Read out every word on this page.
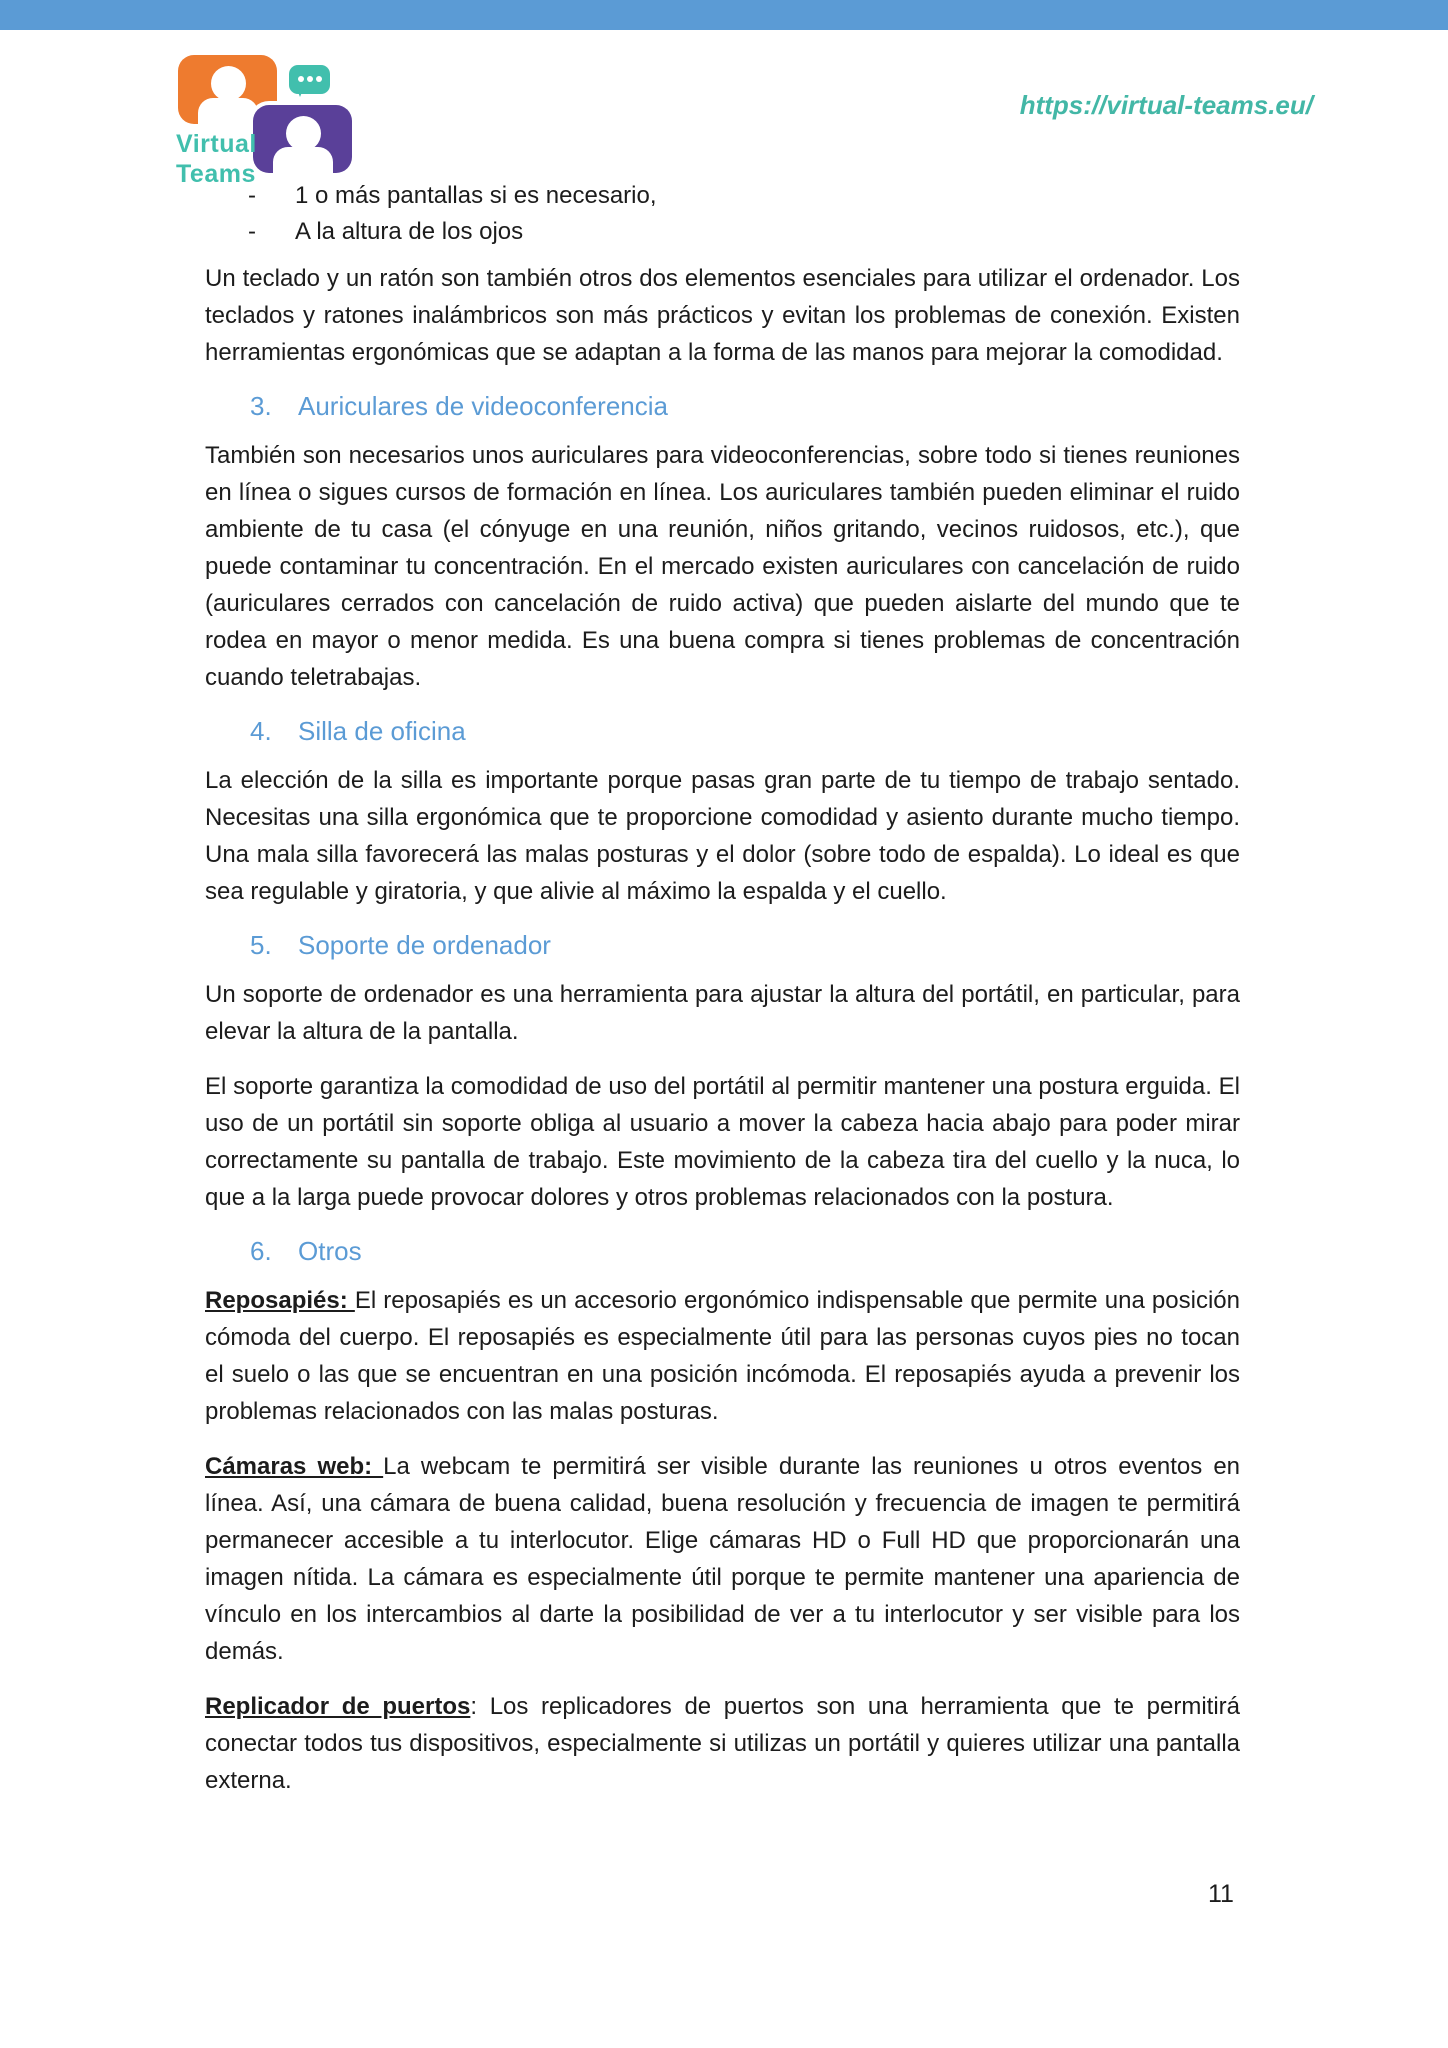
Virtual
Teams
https://virtual-teams.eu/
- 1 o más pantallas si es necesario,
- A la altura de los ojos

Un teclado y un ratón son también otros dos elementos esenciales para utilizar el ordenador. Los teclados y ratones inalámbricos son más prácticos y evitan los problemas de conexión. Existen herramientas ergonómicas que se adaptan a la forma de las manos para mejorar la comodidad.

3. Auriculares de videoconferencia

También son necesarios unos auriculares para videoconferencias, sobre todo si tienes reuniones en línea o sigues cursos de formación en línea. Los auriculares también pueden eliminar el ruido ambiente de tu casa (el cónyuge en una reunión, niños gritando, vecinos ruidosos, etc.), que puede contaminar tu concentración. En el mercado existen auriculares con cancelación de ruido (auriculares cerrados con cancelación de ruido activa) que pueden aislarte del mundo que te rodea en mayor o menor medida. Es una buena compra si tienes problemas de concentración cuando teletrabajas.

4. Silla de oficina

La elección de la silla es importante porque pasas gran parte de tu tiempo de trabajo sentado. Necesitas una silla ergonómica que te proporcione comodidad y asiento durante mucho tiempo. Una mala silla favorecerá las malas posturas y el dolor (sobre todo de espalda). Lo ideal es que sea regulable y giratoria, y que alivie al máximo la espalda y el cuello.

5. Soporte de ordenador

Un soporte de ordenador es una herramienta para ajustar la altura del portátil, en particular, para elevar la altura de la pantalla.

El soporte garantiza la comodidad de uso del portátil al permitir mantener una postura erguida. El uso de un portátil sin soporte obliga al usuario a mover la cabeza hacia abajo para poder mirar correctamente su pantalla de trabajo. Este movimiento de la cabeza tira del cuello y la nuca, lo que a la larga puede provocar dolores y otros problemas relacionados con la postura.

6. Otros

Reposapiés: El reposapiés es un accesorio ergonómico indispensable que permite una posición cómoda del cuerpo. El reposapiés es especialmente útil para las personas cuyos pies no tocan el suelo o las que se encuentran en una posición incómoda. El reposapiés ayuda a prevenir los problemas relacionados con las malas posturas.

Cámaras web: La webcam te permitirá ser visible durante las reuniones u otros eventos en línea. Así, una cámara de buena calidad, buena resolución y frecuencia de imagen te permitirá permanecer accesible a tu interlocutor. Elige cámaras HD o Full HD que proporcionarán una imagen nítida. La cámara es especialmente útil porque te permite mantener una apariencia de vínculo en los intercambios al darte la posibilidad de ver a tu interlocutor y ser visible para los demás.

Replicador de puertos: Los replicadores de puertos son una herramienta que te permitirá conectar todos tus dispositivos, especialmente si utilizas un portátil y quieres utilizar una pantalla externa.

11
